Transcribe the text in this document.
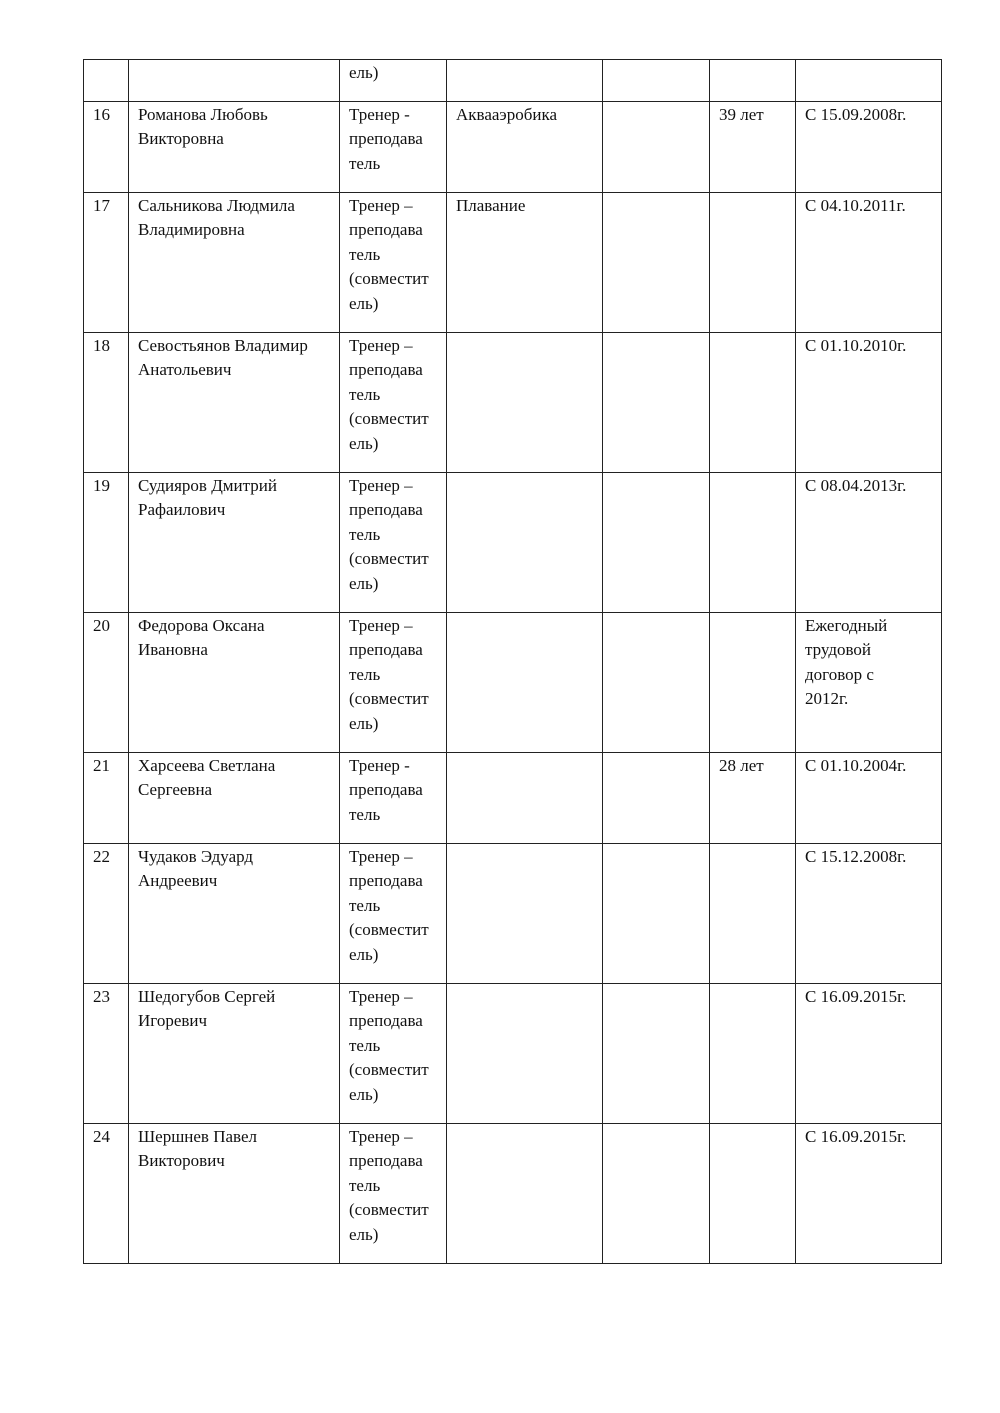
		ель)				

16	Романова Любовь
Викторовна	Тренер -
преподава
тель	Аквааэробика		39 лет	С 15.09.2008г.

17	Сальникова Людмила
Владимировна	Тренер –
преподава
тель
(совместит
ель)	Плавание			С 04.10.2011г.

18	Севостьянов Владимир
Анатольевич	Тренер –
преподава
тель
(совместит
ель)				С 01.10.2010г.

19	Судияров Дмитрий
Рафаилович	Тренер –
преподава
тель
(совместит
ель)				С 08.04.2013г.

20	Федорова Оксана
Ивановна	Тренер –
преподава
тель
(совместит
ель)				Ежегодный
трудовой
договор с
2012г.

21	Харсеева Светлана
Сергеевна	Тренер -
преподава
тель			28 лет	С 01.10.2004г.

22	Чудаков Эдуард
Андреевич	Тренер –
преподава
тель
(совместит
ель)				С 15.12.2008г.

23	Шедогубов Сергей
Игоревич	Тренер –
преподава
тель
(совместит
ель)				С 16.09.2015г.

24	Шершнев Павел
Викторович	Тренер –
преподава
тель
(совместит
ель)				С 16.09.2015г.
